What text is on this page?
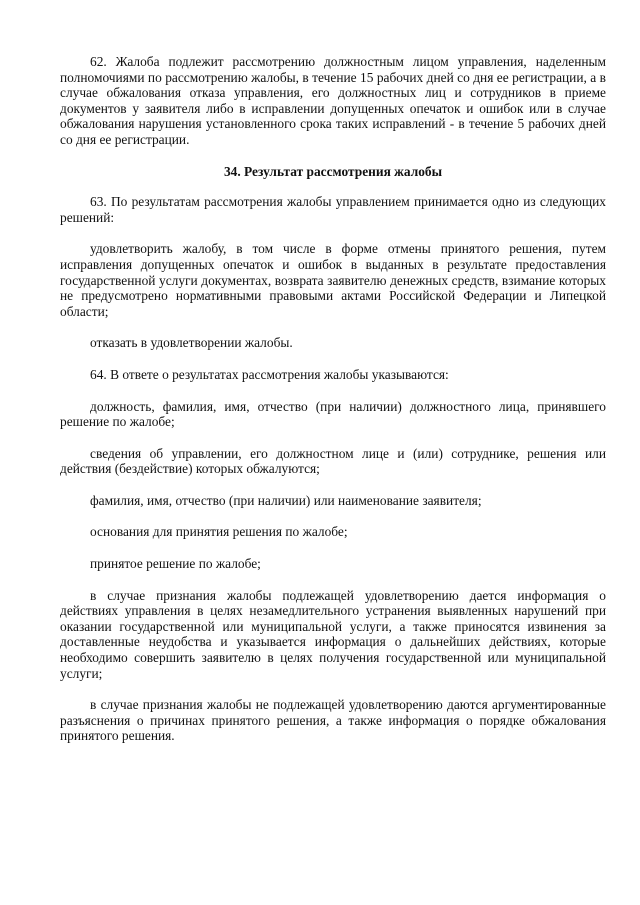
62. Жалоба подлежит рассмотрению должностным лицом управления, наделенным полномочиями по рассмотрению жалобы, в течение 15 рабочих дней со дня ее регистрации, а в случае обжалования отказа управления, его должностных лиц и сотрудников в приеме документов у заявителя либо в исправлении допущенных опечаток и ошибок или в случае обжалования нарушения установленного срока таких исправлений - в течение 5 рабочих дней со дня ее регистрации.

34. Результат рассмотрения жалобы

63. По результатам рассмотрения жалобы управлением принимается одно из следующих решений:

удовлетворить жалобу, в том числе в форме отмены принятого решения, путем исправления допущенных опечаток и ошибок в выданных в результате предоставления государственной услуги документах, возврата заявителю денежных средств, взимание которых не предусмотрено нормативными правовыми актами Российской Федерации и Липецкой области;

отказать в удовлетворении жалобы.

64. В ответе о результатах рассмотрения жалобы указываются:

должность, фамилия, имя, отчество (при наличии) должностного лица, принявшего решение по жалобе;

сведения об управлении, его должностном лице и (или) сотруднике, решения или действия (бездействие) которых обжалуются;

фамилия, имя, отчество (при наличии) или наименование заявителя;

основания для принятия решения по жалобе;

принятое решение по жалобе;

в случае признания жалобы подлежащей удовлетворению дается информация о действиях управления в целях незамедлительного устранения выявленных нарушений при оказании государственной или муниципальной услуги, а также приносятся извинения за доставленные неудобства и указывается информация о дальнейших действиях, которые необходимо совершить заявителю в целях получения государственной или муниципальной услуги;

в случае признания жалобы не подлежащей удовлетворению даются аргументированные разъяснения о причинах принятого решения, а также информация о порядке обжалования принятого решения.
